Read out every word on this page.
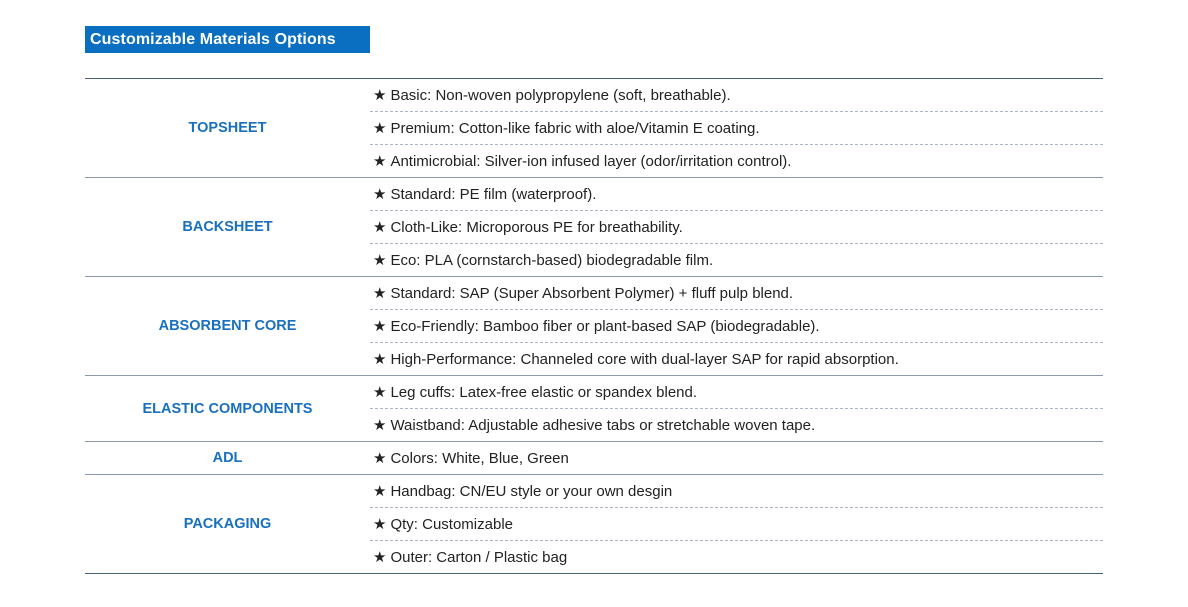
Customizable Materials Options
TOPSHEET	★ Basic: Non-woven polypropylene (soft, breathable).
	★ Premium: Cotton-like fabric with aloe/Vitamin E coating.
	★ Antimicrobial: Silver-ion infused layer (odor/irritation control).
BACKSHEET	★ Standard: PE film (waterproof).
	★ Cloth-Like: Microporous PE for breathability.
	★ Eco: PLA (cornstarch-based) biodegradable film.
ABSORBENT CORE	★ Standard: SAP (Super Absorbent Polymer) + fluff pulp blend.
	★ Eco-Friendly: Bamboo fiber or plant-based SAP (biodegradable).
	★ High-Performance: Channeled core with dual-layer SAP for rapid absorption.
ELASTIC COMPONENTS	★ Leg cuffs: Latex-free elastic or spandex blend.
	★ Waistband: Adjustable adhesive tabs or stretchable woven tape.
ADL	★ Colors: White, Blue, Green
PACKAGING	★ Handbag: CN/EU style or your own desgin
	★ Qty: Customizable
	★ Outer: Carton / Plastic bag
